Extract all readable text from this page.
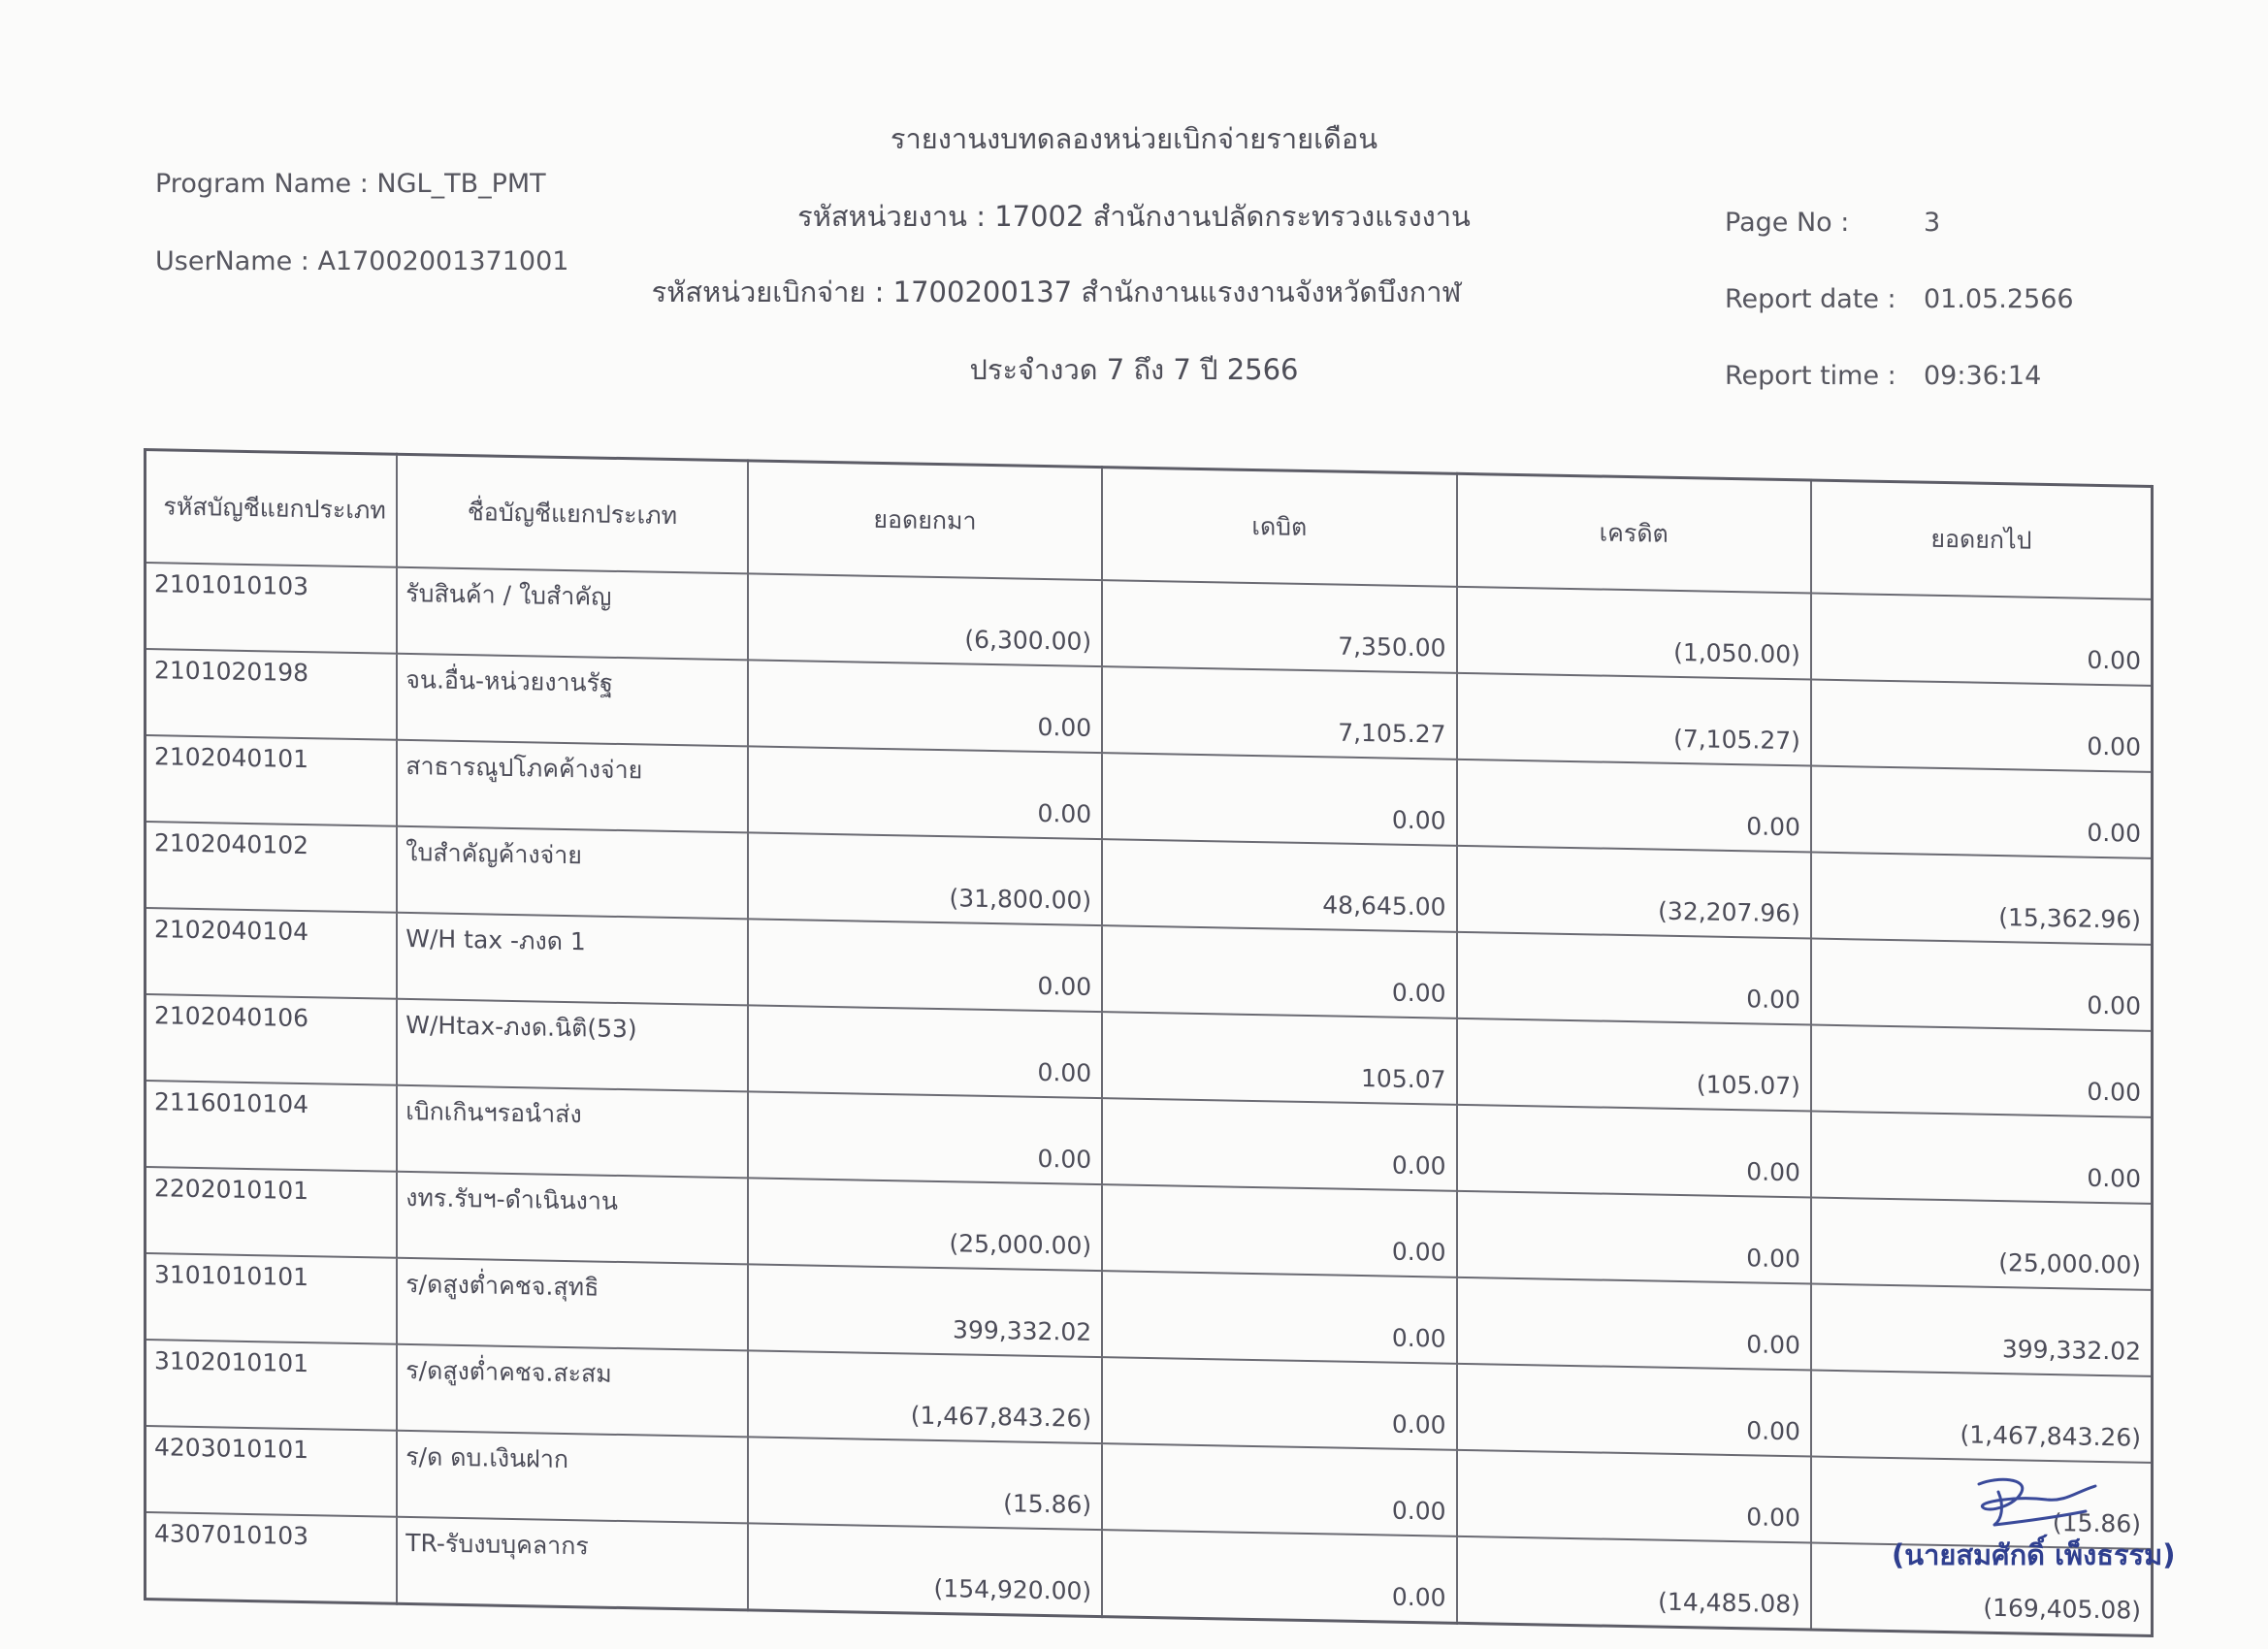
Program Name : NGL_TB_PMT
UserName : A17002001371001
รายงานงบทดลองหน่วยเบิกจ่ายรายเดือน
รหัสหน่วยงาน : 17002 สำนักงานปลัดกระทรวงแรงงาน
รหัสหน่วยเบิกจ่าย : 1700200137 สำนักงานแรงงานจังหวัดบึงกาฬ
ประจำงวด 7 ถึง 7 ปี 2566
Page No :	3
Report date : 01.05.2566
Report time : 09:36:14
รหัสบัญชีแยกประเภท	ชื่อบัญชีแยกประเภท	ยอดยกมา	เดบิต	เครดิต	ยอดยกไป
2101010103	รับสินค้า / ใบสำคัญ	(6,300.00)	7,350.00	(1,050.00)	0.00
2101020198	จน.อื่น-หน่วยงานรัฐ	0.00	7,105.27	(7,105.27)	0.00
2102040101	สาธารณูปโภคค้างจ่าย	0.00	0.00	0.00	0.00
2102040102	ใบสำคัญค้างจ่าย	(31,800.00)	48,645.00	(32,207.96)	(15,362.96)
2102040104	W/H tax -ภงด 1	0.00	0.00	0.00	0.00
2102040106	W/Htax-ภงด.นิติ(53)	0.00	105.07	(105.07)	0.00
2116010104	เบิกเกินฯรอนำส่ง	0.00	0.00	0.00	0.00
2202010101	งทร.รับฯ-ดำเนินงาน	(25,000.00)	0.00	0.00	(25,000.00)
3101010101	ร/ดสูงต่ำคชจ.สุทธิ	399,332.02	0.00	0.00	399,332.02
3102010101	ร/ดสูงต่ำคชจ.สะสม	(1,467,843.26)	0.00	0.00	(1,467,843.26)
4203010101	ร/ด ดบ.เงินฝาก	(15.86)	0.00	0.00	(15.86)
4307010103	TR-รับงบบุคลากร	(154,920.00)	0.00	(14,485.08)	(169,405.08)
(นายสมศักดิ์ เพ็งธรรม)
